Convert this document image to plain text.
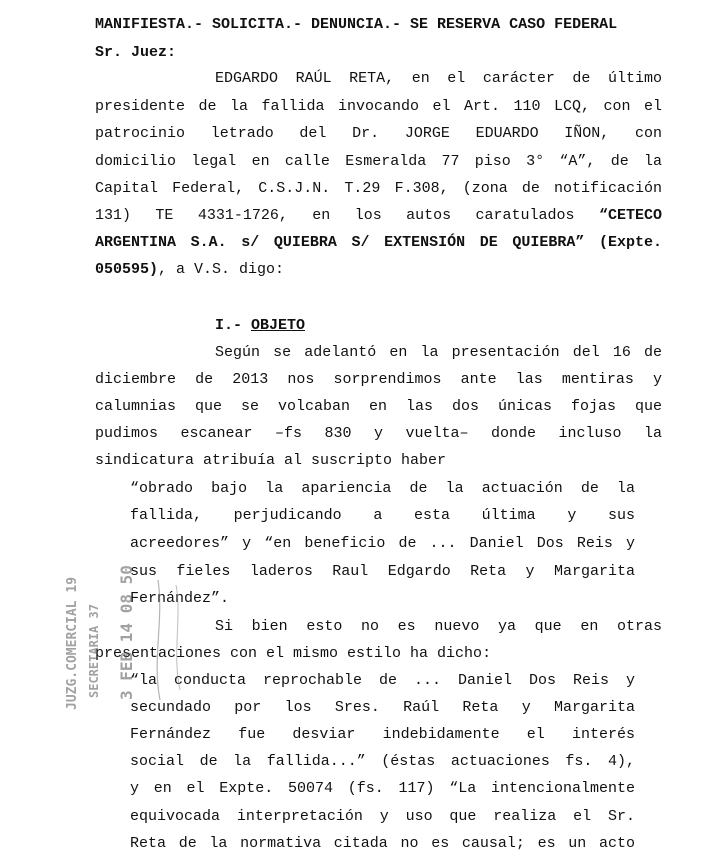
MANIFIESTA.- SOLICITA.- DENUNCIA.- SE RESERVA CASO FEDERAL
Sr. Juez:
EDGARDO RAÚL RETA, en el carácter de último
presidente de la fallida invocando el Art. 110 LCQ, con el
patrocinio letrado del Dr. JORGE EDUARDO IÑON, con
domicilio legal en calle Esmeralda 77 piso 3° “A”, de la
Capital Federal, C.S.J.N. T.29 F.308, (zona de notificación
131) TE 4331-1726, en los autos caratulados “CETECO
ARGENTINA S.A. s/ QUIEBRA S/ EXTENSIÓN DE QUIEBRA” (Expte.
050595), a V.S. digo:
I.- OBJETO
Según se adelantó en la presentación del 16 de
diciembre de 2013 nos sorprendimos ante las mentiras y
calumnias que se volcaban en las dos únicas fojas que
pudimos escanear –fs 830 y vuelta– donde incluso la
sindicatura atribuía al suscripto haber
“obrado bajo la apariencia de la actuación de la
fallida, perjudicando a esta última y sus
acreedores” y “en beneficio de ... Daniel Dos Reis y
sus fieles laderos Raul Edgardo Reta y Margarita
Fernández”.
Si bien esto no es nuevo ya que en otras
presentaciones con el mismo estilo ha dicho:
“la conducta reprochable de ... Daniel Dos Reis y
secundado por los Sres. Raúl Reta y Margarita
Fernández fue desviar indebidamente el interés
social de la fallida...” (éstas actuaciones fs. 4),
y en el Expte. 50074 (fs. 117) “La intencionalmente
equivocada interpretación y uso que realiza el Sr.
Reta de la normativa citada no es causal; es un acto
JUZG.COMERCIAL 19 SECRETARIA 37 3 FEB 14 08 50
